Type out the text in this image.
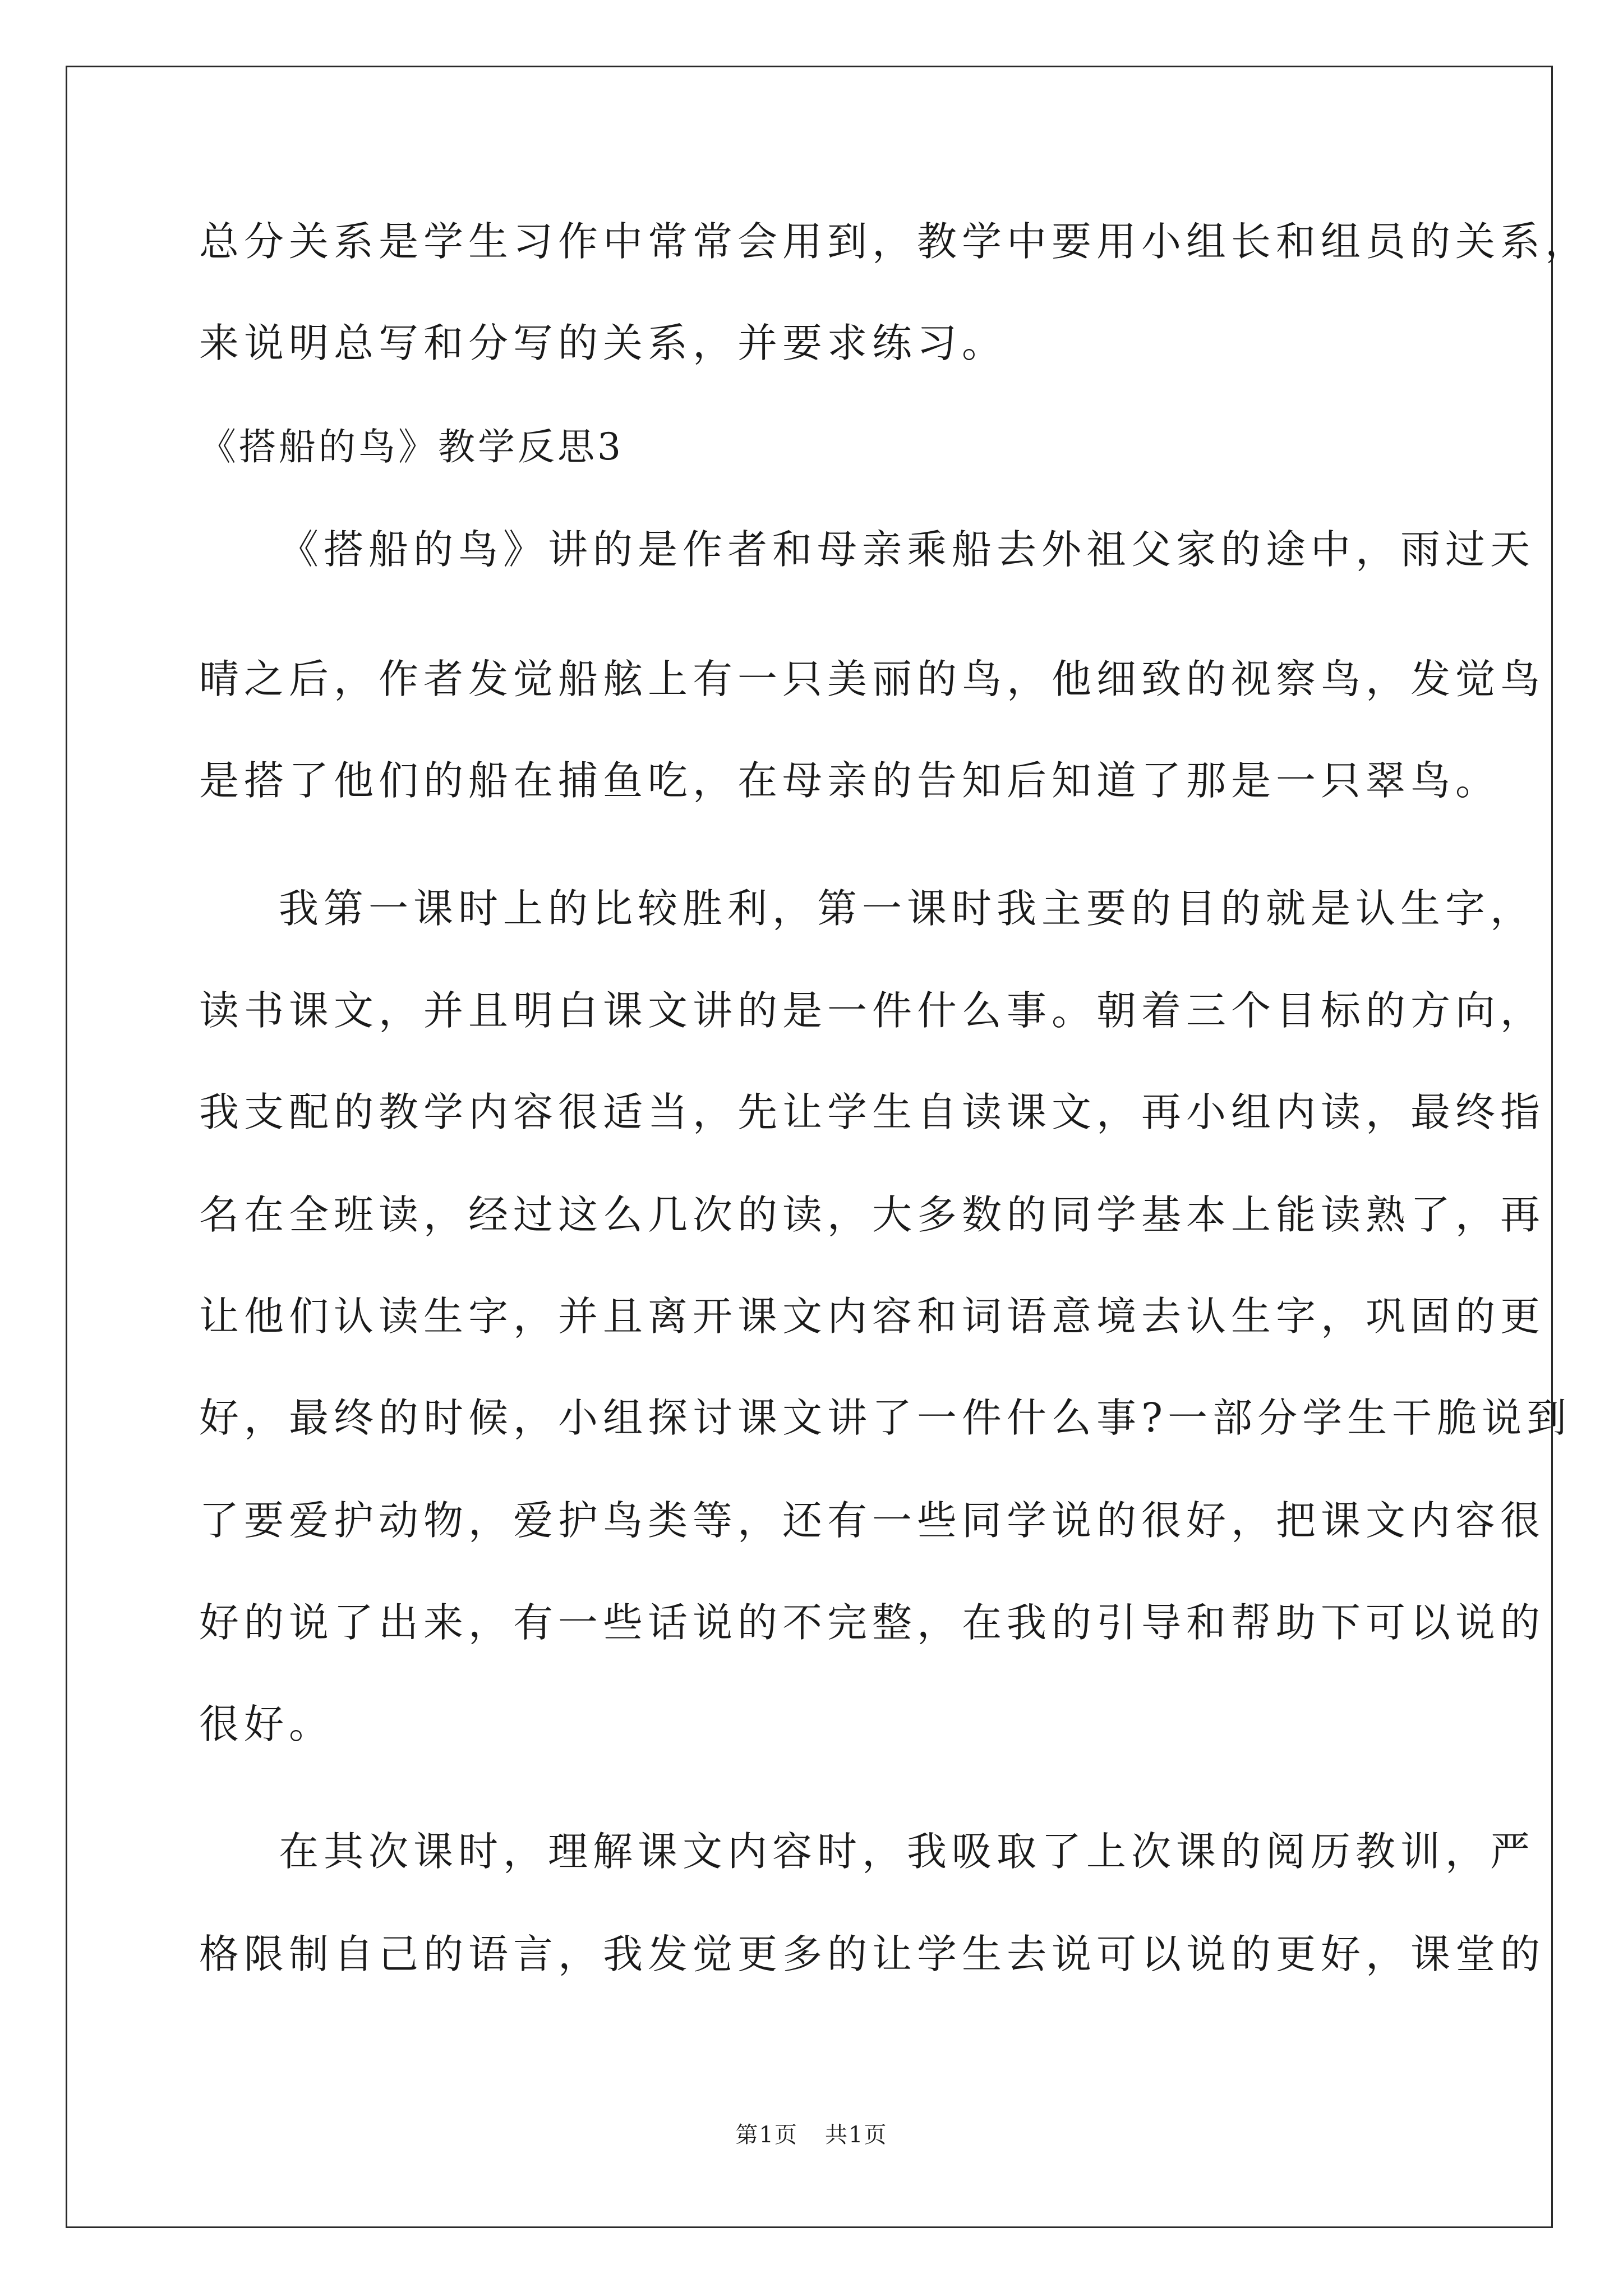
总分关系是学生习作中常常会用到，教学中要用小组长和组员的关系，
来说明总写和分写的关系，并要求练习。
《搭船的鸟》教学反思3
《搭船的鸟》讲的是作者和母亲乘船去外祖父家的途中，雨过天
晴之后，作者发觉船舷上有一只美丽的鸟，他细致的视察鸟，发觉鸟
是搭了他们的船在捕鱼吃，在母亲的告知后知道了那是一只翠鸟。
我第一课时上的比较胜利，第一课时我主要的目的就是认生字，
读书课文，并且明白课文讲的是一件什么事。朝着三个目标的方向，
我支配的教学内容很适当，先让学生自读课文，再小组内读，最终指
名在全班读，经过这么几次的读，大多数的同学基本上能读熟了，再
让他们认读生字，并且离开课文内容和词语意境去认生字，巩固的更
好，最终的时候，小组探讨课文讲了一件什么事?一部分学生干脆说到
了要爱护动物，爱护鸟类等，还有一些同学说的很好，把课文内容很
好的说了出来，有一些话说的不完整，在我的引导和帮助下可以说的
很好。
在其次课时，理解课文内容时，我吸取了上次课的阅历教训，严
格限制自己的语言，我发觉更多的让学生去说可以说的更好，课堂的
第1页 共1页
